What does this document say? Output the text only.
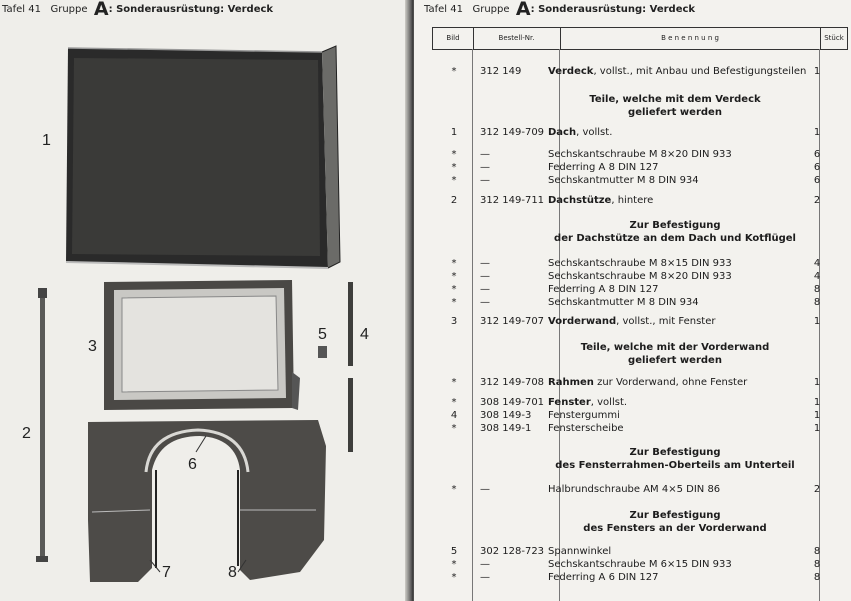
Tafel 41 Gruppe A: Sonderausrüstung: Verdeck
1
2
3
4
5
6
7	8
Tafel 41 Gruppe A: Sonderausrüstung: Verdeck
Bild	Bestell-Nr.	B e n e n n u n g	Stück
*	312 149	Verdeck, vollst., mit Anbau und Befestigungsteilen 1
1	312 149-709 Dach, vollst.	1
*	—	Sechskantschraube M 8×20 DIN 933	6
*	—	Federring A 8 DIN 127	6
*	—	Sechskantmutter M 8 DIN 934	6
2	312 149-711 Dachstütze, hintere	2
*	—	Sechskantschraube M 8×15 DIN 933	4
*	—	Sechskantschraube M 8×20 DIN 933	4
*	—	Federring A 8 DIN 127	8
*	—	Sechskantmutter M 8 DIN 934	8
3	312 149-707 Vorderwand, vollst., mit Fenster	1
*	312 149-708 Rahmen zur Vorderwand, ohne Fenster	1
*	308 149-701 Fenster, vollst.	1
4	308 149-3	Fenstergummi	1
*	308 149-1	Fensterscheibe	1
*	—	Halbrundschraube AM 4×5 DIN 86	2
5	302 128-723 Spannwinkel	8
*	—	Sechskantschraube M 6×15 DIN 933	8
*	—	Federring A 6 DIN 127	8
Teile, welche mit dem Verdeck
geliefert werden
Zur Befestigung
der Dachstütze an dem Dach und Kotflügel
Teile, welche mit der Vorderwand
geliefert werden
Zur Befestigung
des Fensterrahmen-Oberteils am Unterteil
Zur Befestigung
des Fensters an der Vorderwand
